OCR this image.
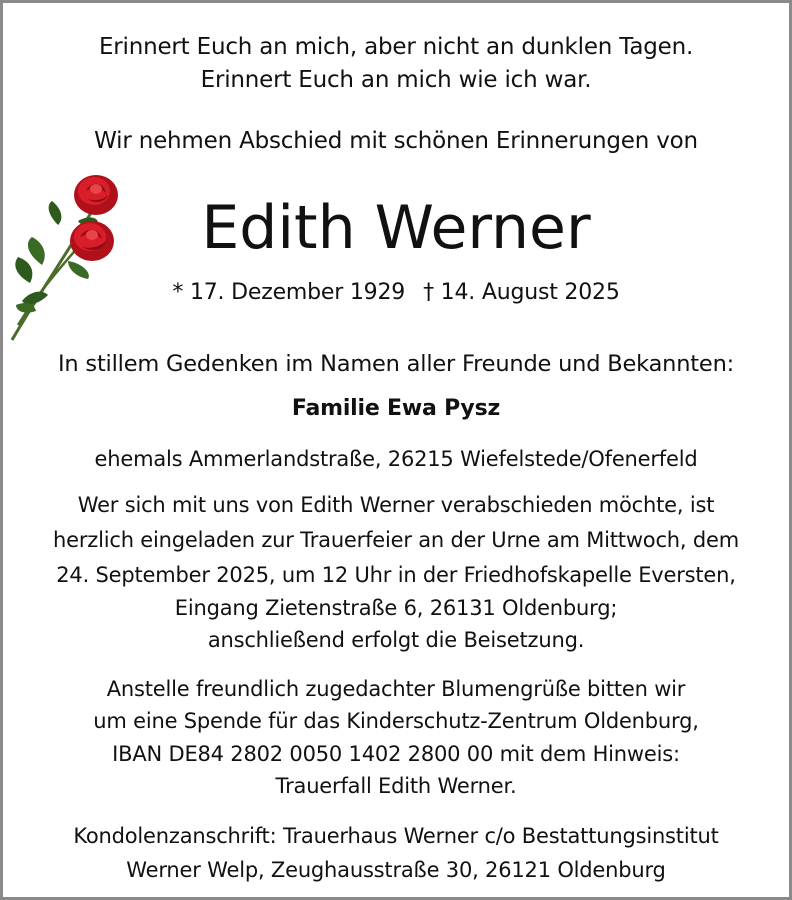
Erinnert Euch an mich, aber nicht an dunklen Tagen.
Erinnert Euch an mich wie ich war.
Wir nehmen Abschied mit schönen Erinnerungen von
Edith Werner
* 17. Dezember 1929 † 14. August 2025
In stillem Gedenken im Namen aller Freunde und Bekannten:
Familie Ewa Pysz
ehemals Ammerlandstraße, 26215 Wiefelstede/Ofenerfeld
Wer sich mit uns von Edith Werner verabschieden möchte, ist
herzlich eingeladen zur Trauerfeier an der Urne am Mittwoch, dem
24. September 2025, um 12 Uhr in der Friedhofskapelle Eversten,
Eingang Zietenstraße 6, 26131 Oldenburg;
anschließend erfolgt die Beisetzung.
Anstelle freundlich zugedachter Blumengrüße bitten wir
um eine Spende für das Kinderschutz-Zentrum Oldenburg,
IBAN DE84 2802 0050 1402 2800 00 mit dem Hinweis:
Trauerfall Edith Werner.
Kondolenzanschrift: Trauerhaus Werner c/o Bestattungsinstitut
Werner Welp, Zeughausstraße 30, 26121 Oldenburg
